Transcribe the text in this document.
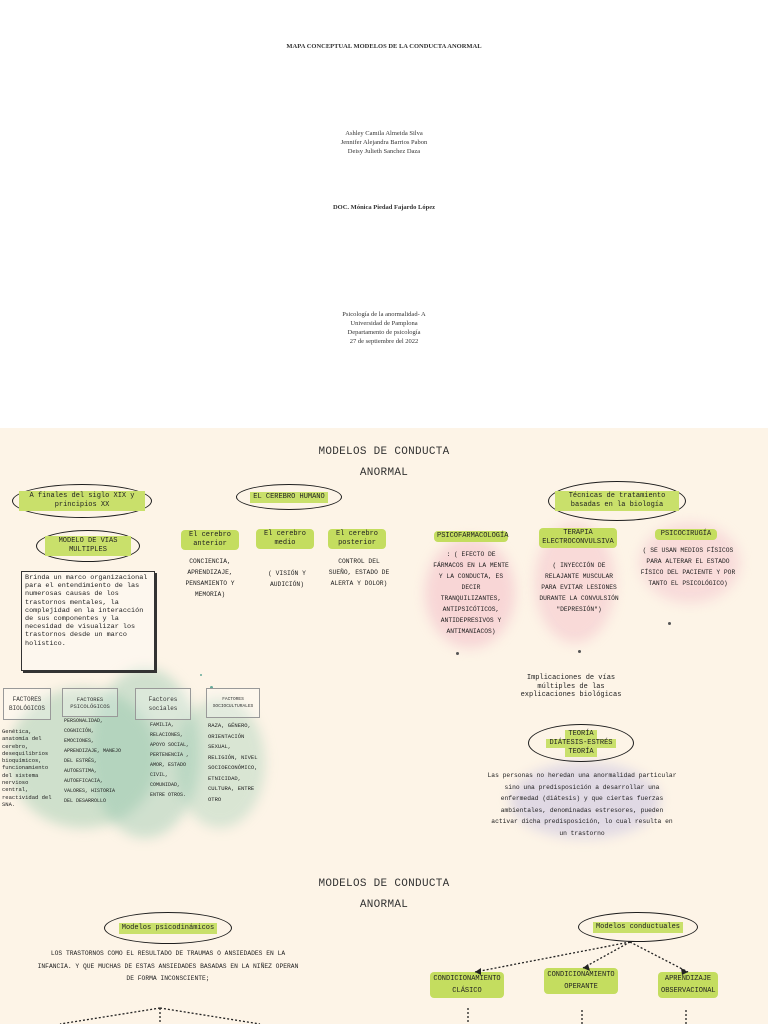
MAPA CONCEPTUAL MODELOS DE LA CONDUCTA ANORMAL
Ashley Camila Almeida Silva
Jennifer Alejandra Barrios Pabon
Deisy Julieth Sanchez Daza
DOC. Mónica Piedad Fajardo López
Psicología de la anormalidad- A
Universidad de Pamplona
Departamento de psicología
27 de septiembre del 2022
MODELOS DE CONDUCTA
ANORMAL
A finales del siglo XIX y principios XX
EL CEREBRO HUMANO	Técnicas de tratamiento basadas en la biología
MODELO DE VIAS MULTIPLES
Brinda un marco organizacional para el entendimiento de las numerosas causas de los trastornos mentales, la complejidad en la interacción de sus componentes y la necesidad de visualizar los trastornos desde un marco holístico.
El cerebro anterior
CONCIENCIA, APRENDIZAJE, PENSAMIENTO Y MEMORIA)
El cerebro medio
( VISIÓN Y AUDICIÓN)
El cerebro posterior
CONTROL DEL SUEÑO, ESTADO DE ALERTA Y DOLOR)
PSICOFARMACOLOGÍA
: ( EFECTO DE FÁRMACOS EN LA MENTE Y LA CONDUCTA, ES DECIR TRANQUILIZANTES, ANTIPSICÓTICOS, ANTIDEPRESIVOS Y ANTIMANIACOS)
TERAPIA ELECTROCONVULSIVA
( INYECCIÓN DE RELAJANTE MUSCULAR PARA EVITAR LESIONES DURANTE LA CONVULSIÓN "DEPRESIÓN")
PSICOCIRUGÍA
( SE USAN MEDIOS FÍSICOS PARA ALTERAR EL ESTADO FÍSICO DEL PACIENTE Y POR TANTO EL PSICOLÓGICO)
Implicaciones de vías múltiples de las explicaciones biológicas
TEORÍA
DIÁTESIS-ESTRÉS
TEORÍA
Las personas no heredan una anormalidad particular sino una predisposición a desarrollar una enfermedad (diátesis) y que ciertas fuerzas ambientales, denominadas estresores, pueden activar dicha predisposición, lo cual resulta en un trastorno
FACTORES BIOLÓGICOS
FACTORES PSICOLÓGICOS
Factores sociales
FACTORES SOCIOCULTURALES
Genética, anatomía del cerebro, desequilibrios bioquímicos, funcionamiento del sistema nervioso central, reactividad del SNA.
PERSONALIDAD, COGNICIÓN, EMOCIONES, APRENDIZAJE, MANEJO DEL ESTRÉS, AUTOESTIMA, AUTOEFICACIA, VALORES, HISTORIA DEL DESARROLLO
FAMILIA, RELACIONES, APOYO SOCIAL, PERTENENCIA , AMOR, ESTADO CIVIL, COMUNIDAD, ENTRE OTROS.
RAZA, GÉNERO, ORIENTACIÓN SEXUAL, RELIGIÓN, NIVEL SOCIOECONÓMICO, ETNICIDAD, CULTURA, ENTRE OTRO
MODELOS DE CONDUCTA
ANORMAL
Modelos psicodinámicos
LOS TRASTORNOS COMO EL RESULTADO DE TRAUMAS O ANSIEDADES EN LA INFANCIA. Y QUE MUCHAS DE ESTAS ANSIEDADES BASADAS EN LA NIÑEZ OPERAN DE FORMA INCONSCIENTE;
Modelos conductuales
CONDICIONAMIENTO CLÁSICO
CONDICIONAMIENTO OPERANTE
APRENDIZAJE OBSERVACIONAL
